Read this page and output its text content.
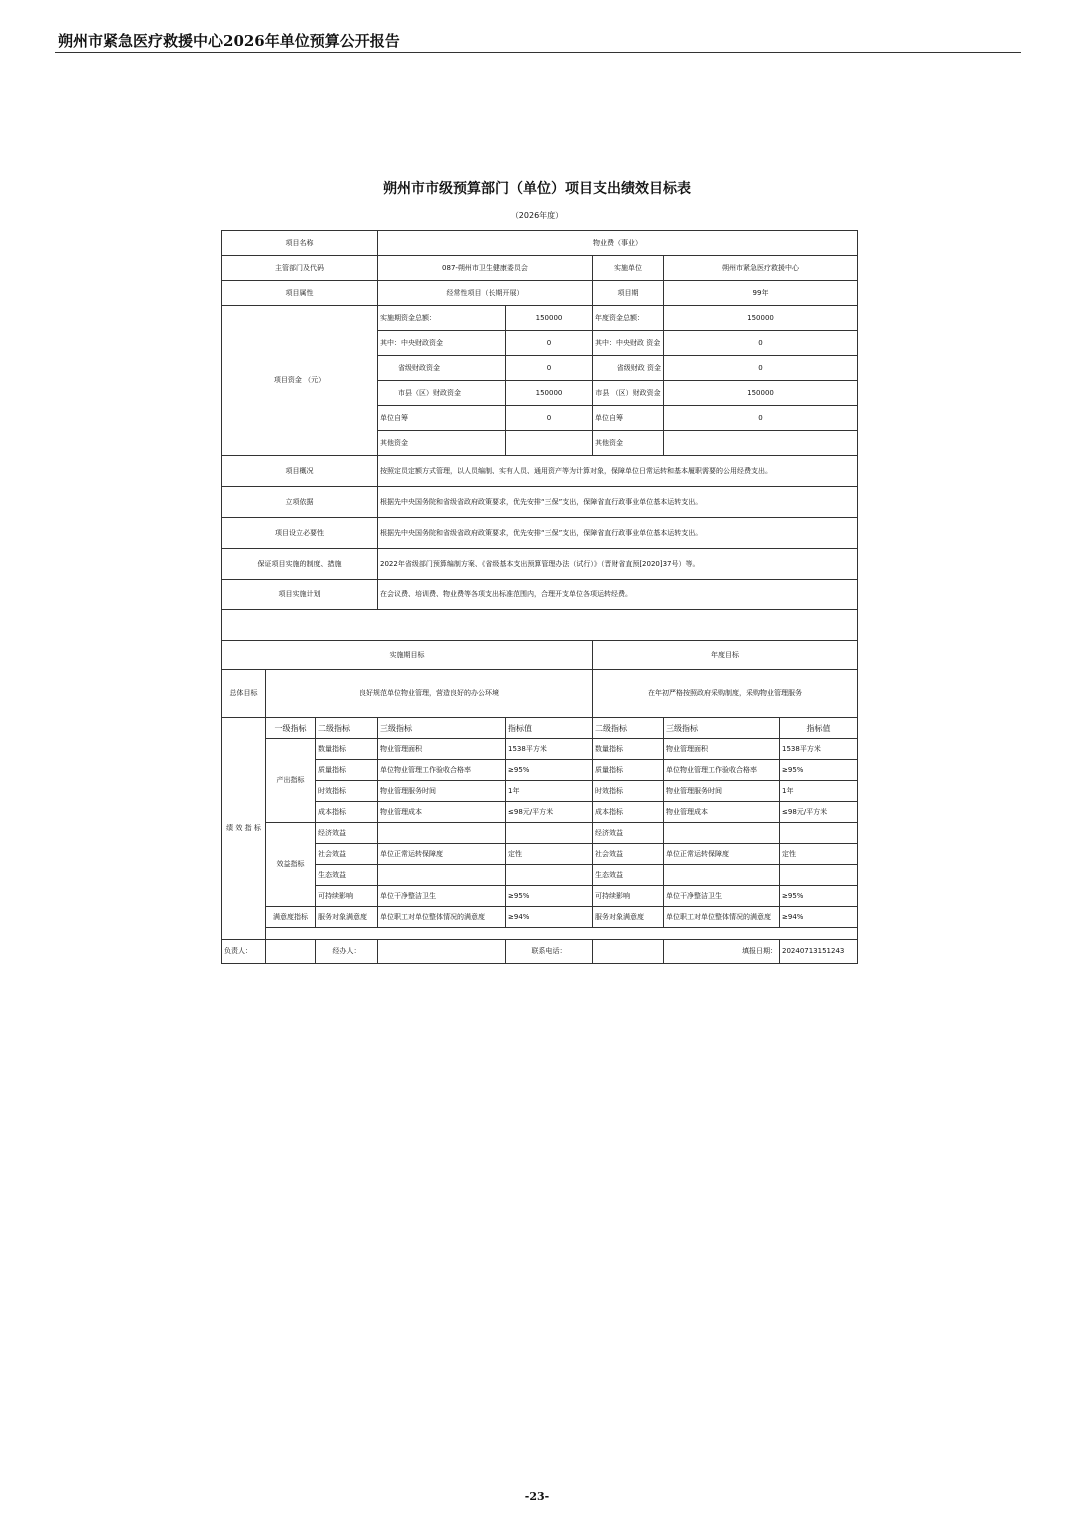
朔州市紧急医疗救援中心2026年单位预算公开报告
朔州市市级预算部门（单位）项目支出绩效目标表
（2026年度）
项目名称			物业费（事业）				
主管部门及代码			087-朔州市卫生健康委员会		实施单位	朔州市紧急医疗救援中心	
项目属性			经常性项目（长期开展）		项目期	99年	
项目资金 （元）			实施期资金总额：	150000	年度资金总额：	150000	
			其中：中央财政资金	0	其中：中央财政 资金	0	
			省级财政资金	0	省级财政 资金	0	
			市县（区）财政资金	150000	市县 （区）财政资金	150000	
			单位自筹	0	单位自筹	0	
			其他资金		其他资金		
项目概况			按照定员定额方式管理，以人员编制、实有人员、通用资产等为计算对象，保障单位日常运转和基本履职需要的公用经费支出。				
立项依据			根据先中央国务院和省级省政府政策要求，优先安排“三保”支出，保障省直行政事业单位基本运转支出。				
项目设立必要性			根据先中央国务院和省级省政府政策要求，优先安排“三保”支出，保障省直行政事业单位基本运转支出。				
保证项目实施的制度、措施			2022年省级部门预算编制方案、《省级基本支出预算管理办法（试行）》（晋财省直预[2020]37号）等。				
项目实施计划			在会议费、培训费、物业费等各项支出标准范围内，合理开支单位各项运转经费。				

实施期目标					年度目标		
总体目标	良好规范单位物业管理，营造良好的办公环境				在年初严格按照政府采购制度，采购物业管理服务		
绩 效 指 标	一级指标	二级指标	三级指标	指标值	二级指标	三级指标	指标值
	产出指标	数量指标	物业管理面积	1538平方米	数量指标	物业管理面积	1538平方米
		质量指标	单位物业管理工作验收合格率	≥95%	质量指标	单位物业管理工作验收合格率	≥95%
		时效指标	物业管理服务时间	1年	时效指标	物业管理服务时间	1年
		成本指标	物业管理成本	≤98元/平方米	成本指标	物业管理成本	≤98元/平方米
	效益指标	经济效益			经济效益		
		社会效益	单位正常运转保障度	定性	社会效益	单位正常运转保障度	定性
		生态效益			生态效益		
		可持续影响	单位干净整洁卫生	≥95%	可持续影响	单位干净整洁卫生	≥95%
	满意度指标	服务对象满意度	单位职工对单位整体情况的满意度	≥94%	服务对象满意度	单位职工对单位整体情况的满意度	≥94%

负责人：		经办人：		联系电话：		填报日期：	20240713151243
-23-
